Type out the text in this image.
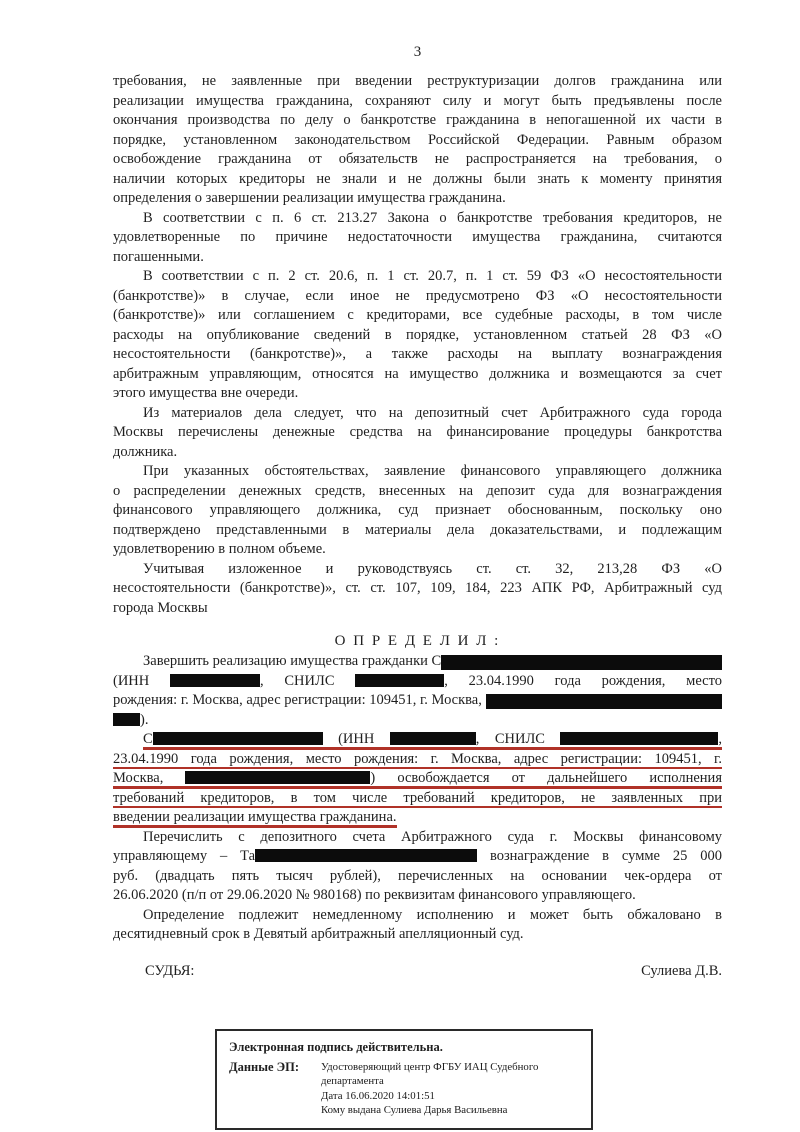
3
требования, не заявленные при введении реструктуризации долгов гражданина или
реализации имущества гражданина, сохраняют силу и могут быть предъявлены после
окончания производства по делу о банкротстве гражданина в непогашенной их части в
порядке, установленном законодательством Российской Федерации. Равным образом
освобождение гражданина от обязательств не распространяется на требования, о
наличии которых кредиторы не знали и не должны были знать к моменту принятия
определения о завершении реализации имущества гражданина.
В соответствии с п. 6 ст. 213.27 Закона о банкротстве требования кредиторов, не
удовлетворенные по причине недостаточности имущества гражданина, считаются
погашенными.
В соответствии с п. 2 ст. 20.6, п. 1 ст. 20.7, п. 1 ст. 59 ФЗ «О несостоятельности
(банкротстве)» в случае, если иное не предусмотрено ФЗ «О несостоятельности
(банкротстве)» или соглашением с кредиторами, все судебные расходы, в том числе
расходы на опубликование сведений в порядке, установленном статьей 28 ФЗ «О
несостоятельности (банкротстве)», а также расходы на выплату вознаграждения
арбитражным управляющим, относятся на имущество должника и возмещаются за счет
этого имущества вне очереди.
Из материалов дела следует, что на депозитный счет Арбитражного суда города
Москвы перечислены денежные средства на финансирование процедуры банкротства
должника.
При указанных обстоятельствах, заявление финансового управляющего должника
о распределении денежных средств, внесенных на депозит суда для вознаграждения
финансового управляющего должника, суд признает обоснованным, поскольку оно
подтверждено представленными в материалы дела доказательствами, и подлежащим
удовлетворению в полном объеме.
Учитывая изложенное и руководствуясь ст. ст. 32, 213,28 ФЗ «О
несостоятельности (банкротстве)», ст. ст. 107, 109, 184, 223 АПК РФ, Арбитражный суд
города Москвы
О П Р Е Д Е Л И Л :
Завершить реализацию имущества гражданки С
(ИНН	, СНИЛС	, 23.04.1990 года рождения, место
рождения: г. Москва, адрес регистрации: 109451, г. Москва,
).
С	(ИНН	, СНИЛС	,
23.04.1990 года рождения, место рождения: г. Москва, адрес регистрации: 109451, г.
Москва,	) освобождается от дальнейшего исполнения
требований кредиторов, в том числе требований кредиторов, не заявленных при
введении реализации имущества гражданина.
Перечислить с депозитного счета Арбитражного суда г. Москвы финансовому
управляющему – Та	вознаграждение в сумме 25 000
руб. (двадцать пять тысяч рублей), перечисленных на основании чек-ордера от
26.06.2020 (п/п от 29.06.2020 № 980168) по реквизитам финансового управляющего.
Определение подлежит немедленному исполнению и может быть обжаловано в
десятидневный срок в Девятый арбитражный апелляционный суд.
СУДЬЯ:	Сулиева Д.В.
Электронная подпись действительна.
Данные ЭП:	Удостоверяющий центр ФГБУ ИАЦ Судебного
департамента
Дата 16.06.2020 14:01:51
Кому выдана Сулиева Дарья Васильевна
